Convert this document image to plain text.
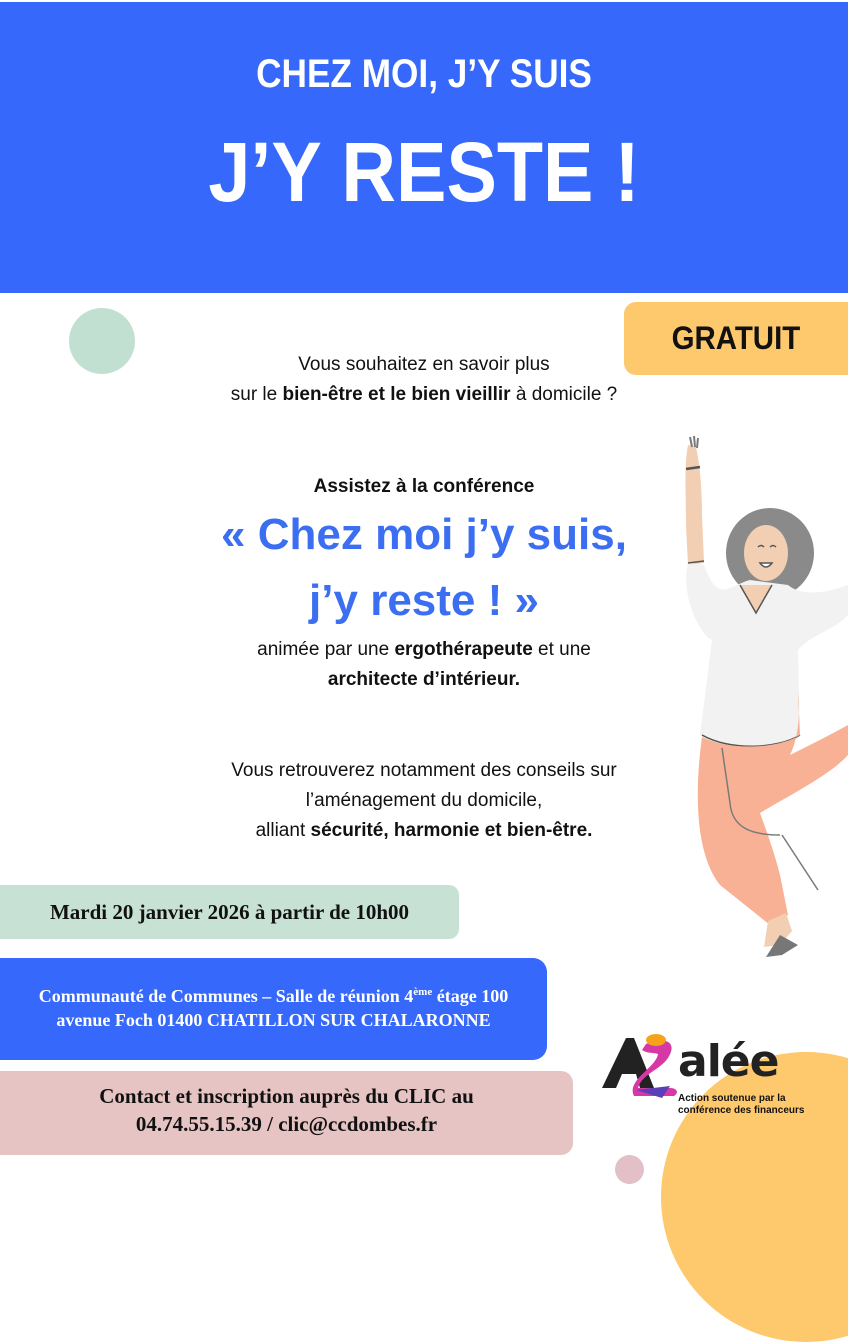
CHEZ MOI, J’Y SUIS
J’Y RESTE !
GRATUIT
Vous souhaitez en savoir plus
sur le bien-être et le bien vieillir à domicile ?
Assistez à la conférence
« Chez moi j’y suis,
j’y reste ! »
animée par une ergothérapeute et une
architecte d’intérieur.
Vous retrouverez notamment des conseils sur
l’aménagement du domicile,
alliant sécurité, harmonie et bien-être.
Mardi 20 janvier 2026 à partir de 10h00
Communauté de Communes – Salle de réunion 4ème étage 100
avenue Foch 01400 CHATILLON SUR CHALARONNE
Contact et inscription auprès du CLIC au
04.74.55.15.39 / clic@ccdombes.fr
alée
Action soutenue par la
conférence des financeurs
